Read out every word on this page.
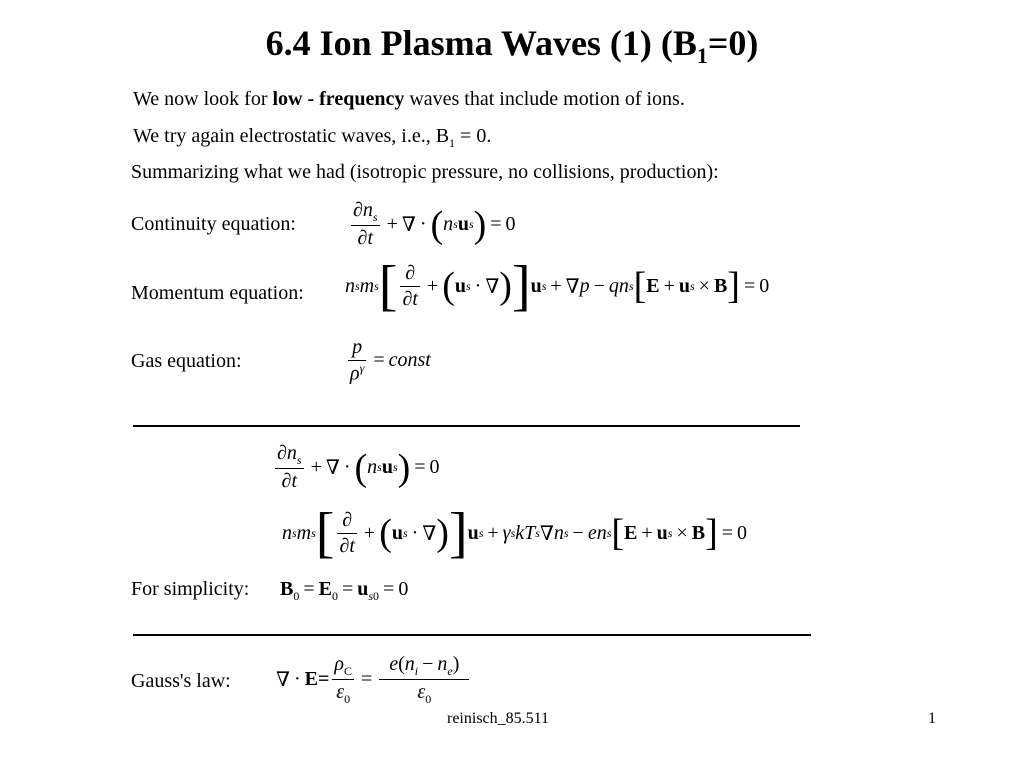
6.4 Ion Plasma Waves (1) $(B_1=0)$
We now look for low - frequency waves that include motion of ions.
We try again electrostatic waves, i.e., $B_1 = 0$.
Summarizing what we had (isotropic pressure, no collisions, production):
Continuity equation:	$\frac{\partial n_s}{\partial t}$ + ∇ · ( n s u s ) = 0
Momentum equation: n s m s [ $\frac{\partial}{\partial t}$ + ( u s · ∇ ) ] u s + ∇ p − q n s [ E + u s × B ] = 0
Gas equation:	$\frac{p}{\rho^\gamma}$ = const
$\frac{\partial n_s}{\partial t}$ + ∇ · ( n s u s ) = 0
n s m s [ $\frac{\partial}{\partial t}$ + ( u s · ∇ ) ] u s + γ s kT s ∇ n s − e n s [ E + u s × B ] = 0
For simplicity: $B_0 = E_0 = u_{s0} = 0$
Gauss's law: ∇ · $E= \frac{\rho_C}{\varepsilon_0} = \frac{e(n_i - n_e)}{\varepsilon_0}$
reinisch_85.511	1
